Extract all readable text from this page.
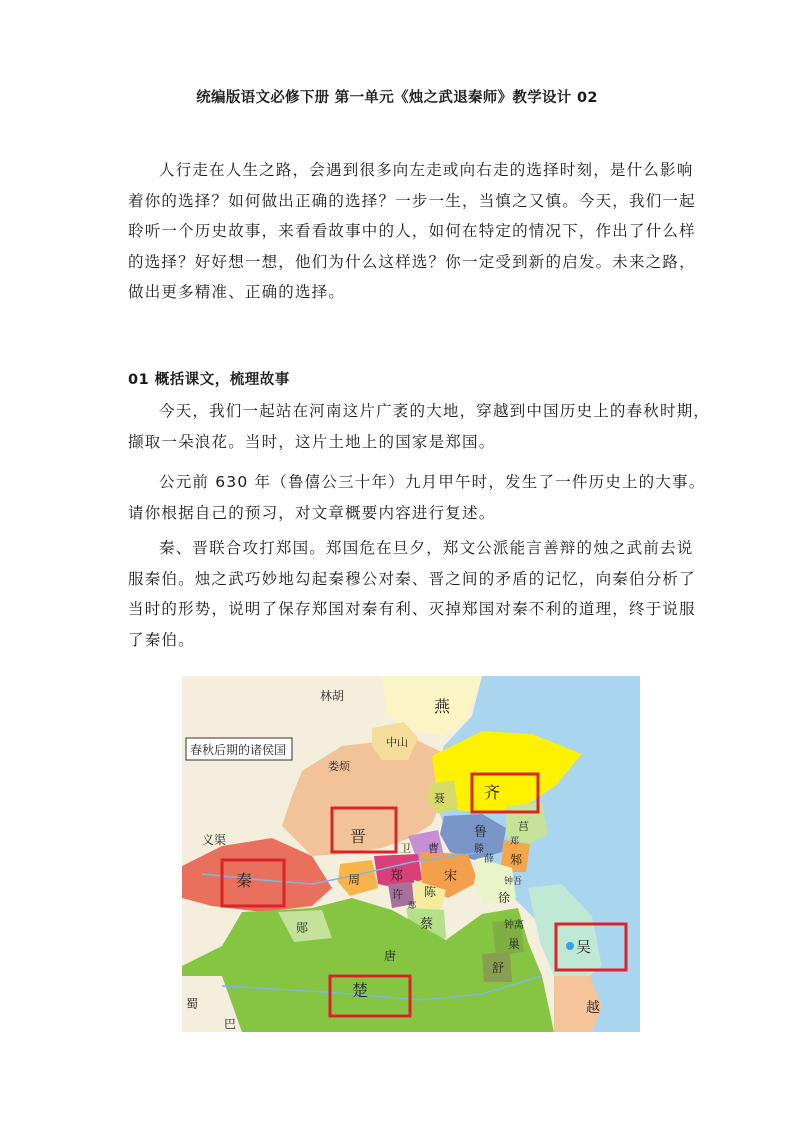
统编版语文必修下册 第一单元《烛之武退秦师》教学设计 02

人行走在人生之路，会遇到很多向左走或向右走的选择时刻，是什么影响
着你的选择？如何做出正确的选择？一步一生，当慎之又慎。今天，我们一起
聆听一个历史故事，来看看故事中的人，如何在特定的情况下，作出了什么样
的选择？好好想一想，他们为什么这样选？你一定受到新的启发。未来之路，
做出更多精准、正确的选择。

01 概括课文，梳理故事

今天，我们一起站在河南这片广袤的大地，穿越到中国历史上的春秋时期，
撷取一朵浪花。当时，这片土地上的国家是郑国。

公元前 630 年（鲁僖公三十年）九月甲午时，发生了一件历史上的大事。
请你根据自己的预习，对文章概要内容进行复述。

秦、晋联合攻打郑国。郑国危在旦夕，郑文公派能言善辩的烛之武前去说
服秦伯。烛之武巧妙地勾起秦穆公对秦、晋之间的矛盾的记忆，向秦伯分析了
当时的形势，说明了保存郑国对秦有利、灭掉郑国对秦不利的道理，终于说服
了秦伯。

春秋后期的诸侯国
林胡
燕
中山
娄烦
聂 齐
莒
义渠	晋	鲁
郑
滕
薛 邾
卫 曹
秦	周 郑	宋
许
鄬
陈
钟吾
徐
蔡	钟离
郧
唐
巢
舒
吴
楚
越
蜀
巴
